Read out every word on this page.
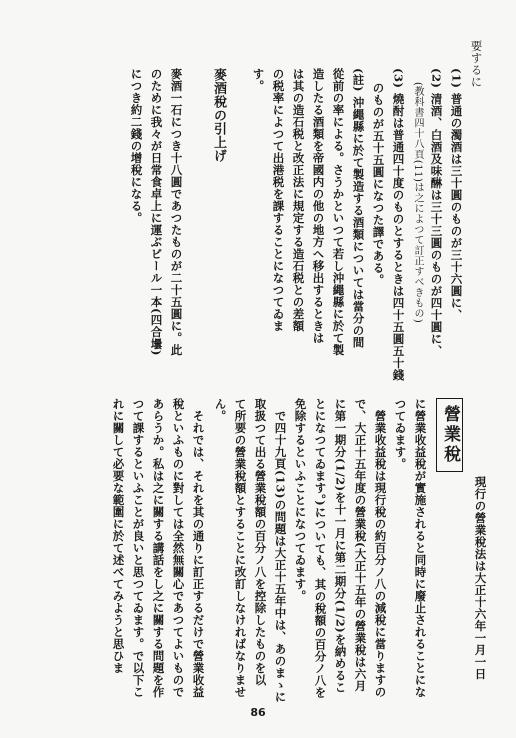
要するに
(1) 普通の濁酒は三十圓のものが三十六圓に、
(2) 清酒、白酒及味醂は三十三圓のものが四十圓に、
(教科書四十八頁(11)は之によつて訂正すべきもの)
(3) 燒酎は普通四十度のものとするときは四十五圓五十錢
のものが五十五圓になつた譯である。
(註) 沖繩縣に於て製造する酒類については當分の間
從前の率による。さうかといつて若し沖繩縣に於て製
造したる酒類を帝國内の他の地方へ移出するときは
は其の造石税と改正法に規定する造石税との差額
の税率によつて出港税を課することになつてゐま
す。
麥酒稅の引上げ
麥酒一石につき十八圓であつたものが二十五圓に。此
のために我々が日常食卓上に運ぶビール一本(四合壜)
につき約二錢の增稅になる。
營業稅
現行の營業稅法は大正十六年一月一日
に營業收益稅が實施されると同時に廢止されることにな
つてゐます。
營業收益稅は現行稅の約百分ノ八の減稅に當りますの
で、大正十五年度の營業稅(大正十五年の營業稅は六月
に第一期分(1/2)を十一月に第二期分(1/2)を納めるこ
とになつてゐます。)についても、其の稅額の百分ノ八を
免除するといふことになつてゐます。
で四十九頁(13)の問題は大正十五年中は、あのまゝに
取扱つて出る營業稅額の百分ノ八を控除したものを以
て所要の營業稅額とすることに改訂しなければなりませ
ん。
それでは、それを其の通りに訂正するだけで營業收益
稅といふものに對しては全然無關心であつてよいもので
あらうか。私は之に關する講話をし之に關する問題を作
つて課するといふことが良いと思つてゐます。で以下こ
れに關して必要な範圍に於て述べてみようと思ひま
86
